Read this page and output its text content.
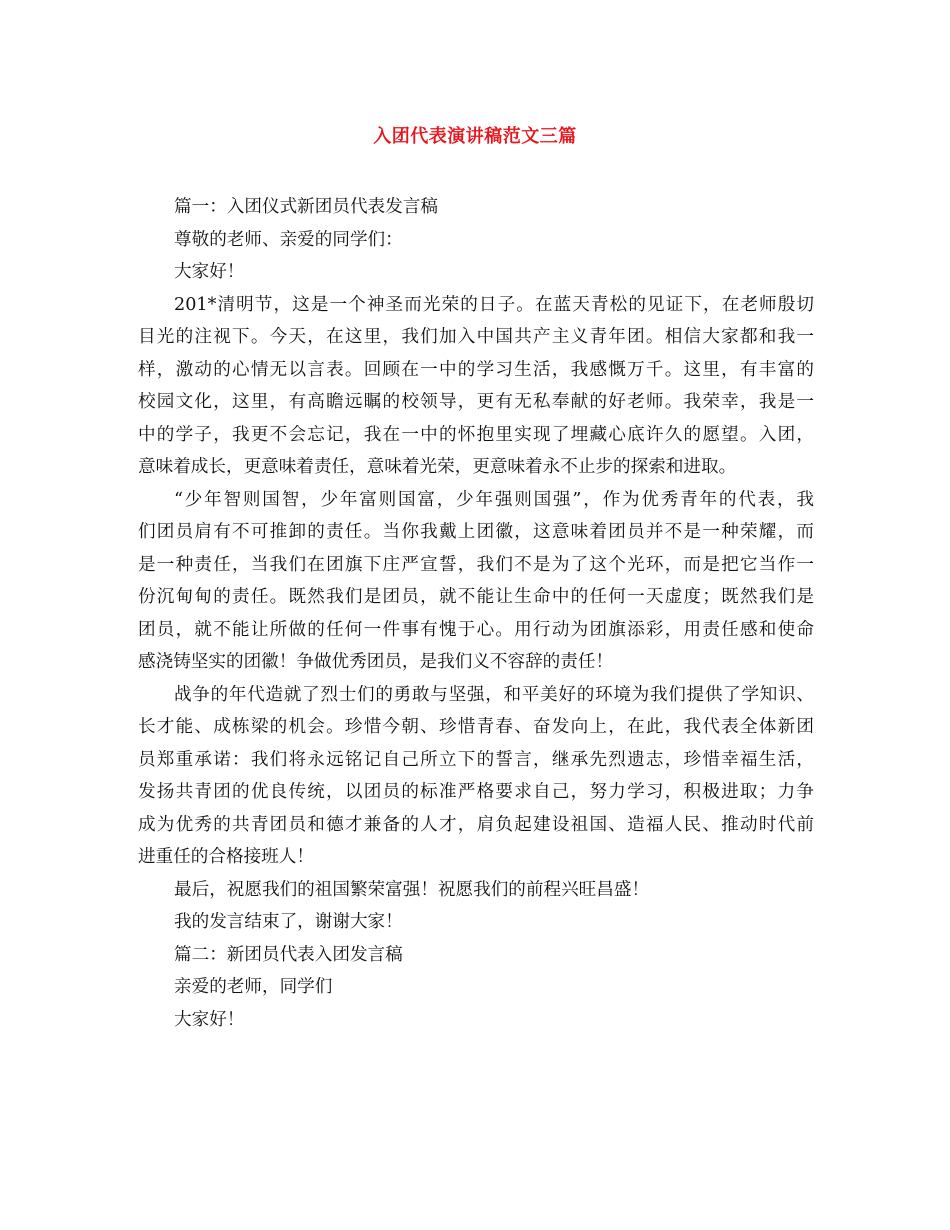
入团代表演讲稿范文三篇
篇一：入团仪式新团员代表发言稿
尊敬的老师、亲爱的同学们：
大家好！
201*清明节，这是一个神圣而光荣的日子。在蓝天青松的见证下，在老师殷切
目光的注视下。今天，在这里，我们加入中国共产主义青年团。相信大家都和我一
样，激动的心情无以言表。回顾在一中的学习生活，我感慨万千。这里，有丰富的
校园文化，这里，有高瞻远瞩的校领导，更有无私奉献的好老师。我荣幸，我是一
中的学子，我更不会忘记，我在一中的怀抱里实现了埋藏心底许久的愿望。入团，
意味着成长，更意味着责任，意味着光荣，更意味着永不止步的探索和进取。
“少年智则国智，少年富则国富，少年强则国强”，作为优秀青年的代表，我
们团员肩有不可推卸的责任。当你我戴上团徽，这意味着团员并不是一种荣耀，而
是一种责任，当我们在团旗下庄严宣誓，我们不是为了这个光环，而是把它当作一
份沉甸甸的责任。既然我们是团员，就不能让生命中的任何一天虚度；既然我们是
团员，就不能让所做的任何一件事有愧于心。用行动为团旗添彩，用责任感和使命
感浇铸坚实的团徽！争做优秀团员，是我们义不容辞的责任！
战争的年代造就了烈士们的勇敢与坚强，和平美好的环境为我们提供了学知识、
长才能、成栋梁的机会。珍惜今朝、珍惜青春、奋发向上，在此，我代表全体新团
员郑重承诺：我们将永远铭记自己所立下的誓言，继承先烈遗志，珍惜幸福生活，
发扬共青团的优良传统，以团员的标准严格要求自己，努力学习，积极进取；力争
成为优秀的共青团员和德才兼备的人才，肩负起建设祖国、造福人民、推动时代前
进重任的合格接班人！
最后，祝愿我们的祖国繁荣富强！祝愿我们的前程兴旺昌盛！
我的发言结束了，谢谢大家！
篇二：新团员代表入团发言稿
亲爱的老师，同学们
大家好！
